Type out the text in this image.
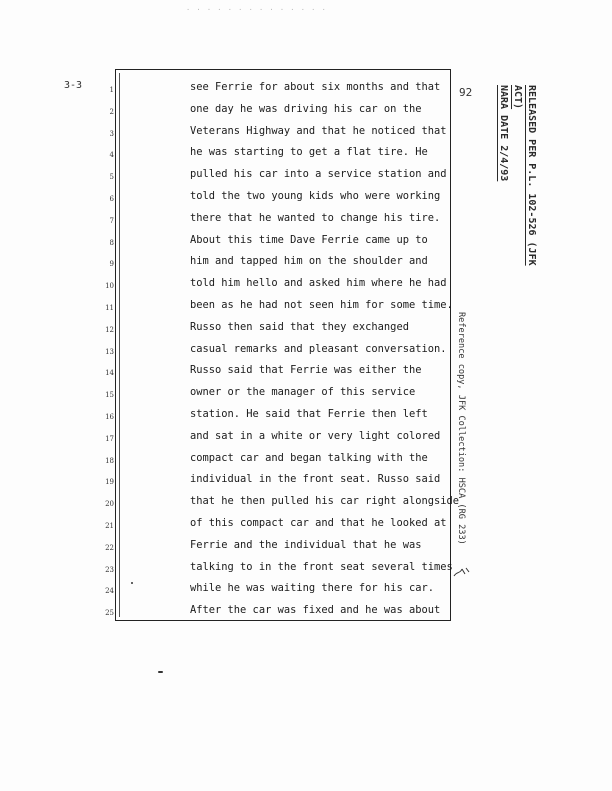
· · · · · · · · · · · · · ·
3-3
92
1
2
3
4
5
6
7
8
9
10
11
12
13
14
15
16
17
18
19
20
21
22
23
24
25
see Ferrie for about six months and that
one day he was driving his car on the
Veterans Highway and that he noticed that
he was starting to get a flat tire. He
pulled his car into a service station and
told the two young kids who were working
there that he wanted to change his tire.
About this time Dave Ferrie came up to
him and tapped him on the shoulder and
told him hello and asked him where he had
been as he had not seen him for some time.
Russo then said that they exchanged
casual remarks and pleasant conversation.
Russo said that Ferrie was either the
owner or the manager of this service
station. He said that Ferrie then left
and sat in a white or very light colored
compact car and began talking with the
individual in the front seat. Russo said
that he then pulled his car right alongside
of this compact car and that he looked at
Ferrie and the individual that he was
talking to in the front seat several times
while he was waiting there for his car.
After the car was fixed and he was about
RELEASED PER P.L. 102-526 (JFK ACT)
NARA DATE 2/4/93
Reference copy, JFK Collection: HSCA (RG 233)
